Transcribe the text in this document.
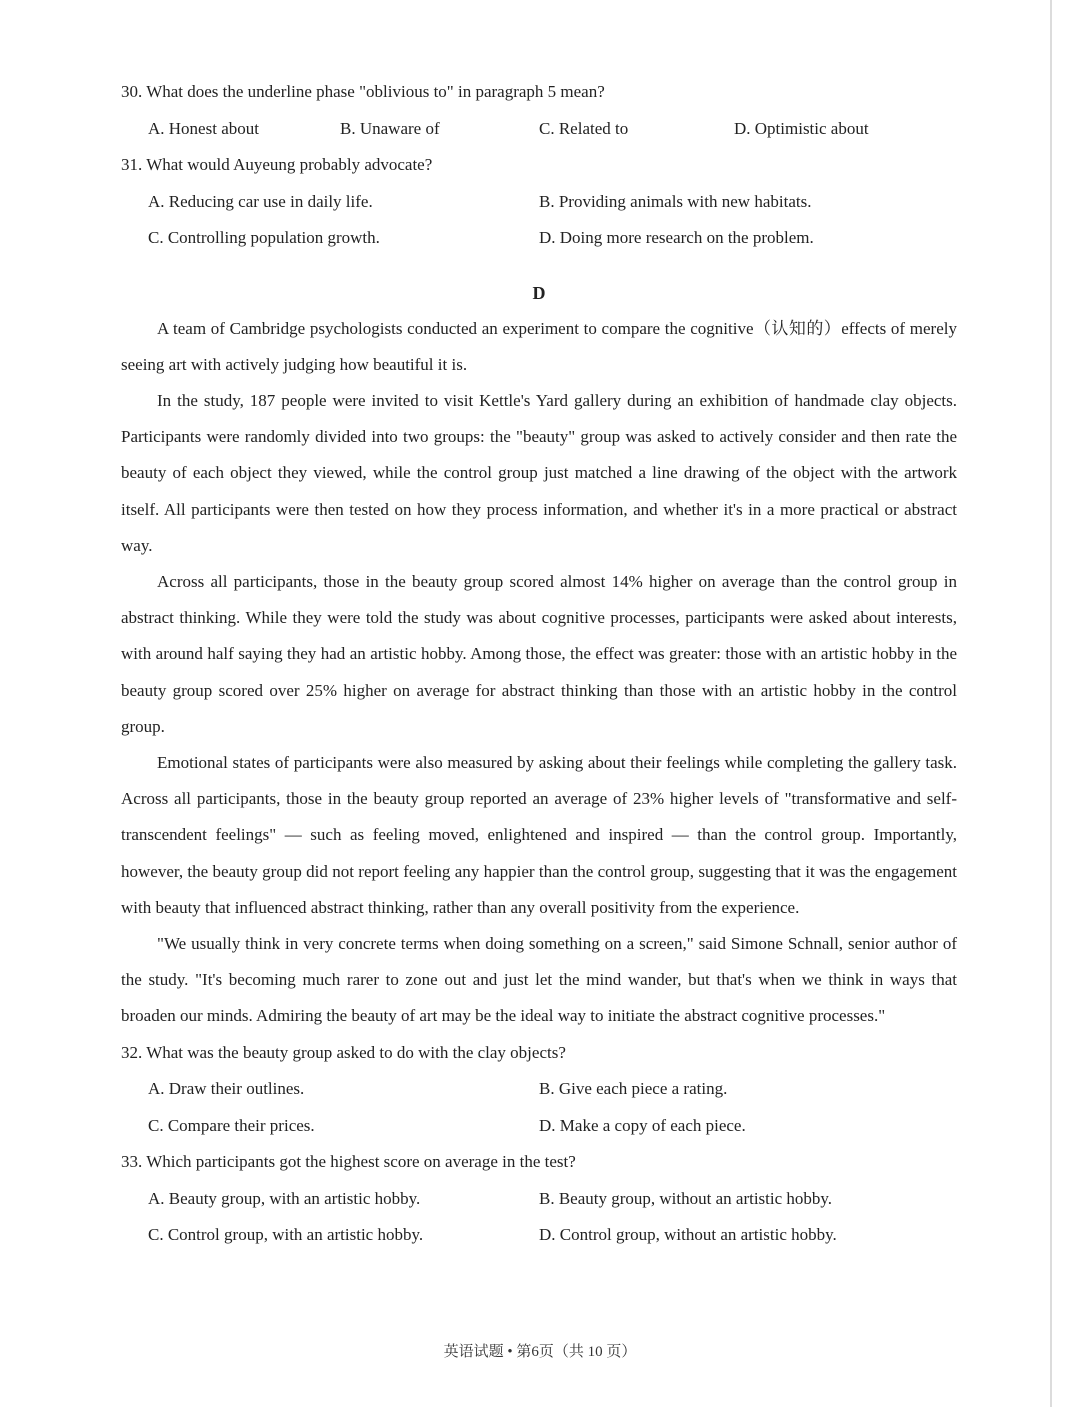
30. What does the underline phase "oblivious to" in paragraph 5 mean?
A. Honest about	B. Unaware of	C. Related to	D. Optimistic about
31. What would Auyeung probably advocate?
A. Reducing car use in daily life.	B. Providing animals with new habitats.
C. Controlling population growth.	D. Doing more research on the problem.
D

A team of Cambridge psychologists conducted an experiment to compare the cognitive（认知的）effects of merely seeing art with actively judging how beautiful it is.

In the study, 187 people were invited to visit Kettle's Yard gallery during an exhibition of handmade clay objects. Participants were randomly divided into two groups: the "beauty" group was asked to actively consider and then rate the beauty of each object they viewed, while the control group just matched a line drawing of the object with the artwork itself. All participants were then tested on how they process information, and whether it's in a more practical or abstract way.

Across all participants, those in the beauty group scored almost 14% higher on average than the control group in abstract thinking. While they were told the study was about cognitive processes, participants were asked about interests, with around half saying they had an artistic hobby. Among those, the effect was greater: those with an artistic hobby in the beauty group scored over 25% higher on average for abstract thinking than those with an artistic hobby in the control group.

Emotional states of participants were also measured by asking about their feelings while completing the gallery task. Across all participants, those in the beauty group reported an average of 23% higher levels of "transformative and self-transcendent feelings" — such as feeling moved, enlightened and inspired — than the control group. Importantly, however, the beauty group did not report feeling any happier than the control group, suggesting that it was the engagement with beauty that influenced abstract thinking, rather than any overall positivity from the experience.

"We usually think in very concrete terms when doing something on a screen," said Simone Schnall, senior author of the study. "It's becoming much rarer to zone out and just let the mind wander, but that's when we think in ways that broaden our minds. Admiring the beauty of art may be the ideal way to initiate the abstract cognitive processes."

32. What was the beauty group asked to do with the clay objects?
A. Draw their outlines.	B. Give each piece a rating.
C. Compare their prices.	D. Make a copy of each piece.
33. Which participants got the highest score on average in the test?
A. Beauty group, with an artistic hobby.	B. Beauty group, without an artistic hobby.
C. Control group, with an artistic hobby.	D. Control group, without an artistic hobby.
英语试题 • 第6页（共 10 页）
